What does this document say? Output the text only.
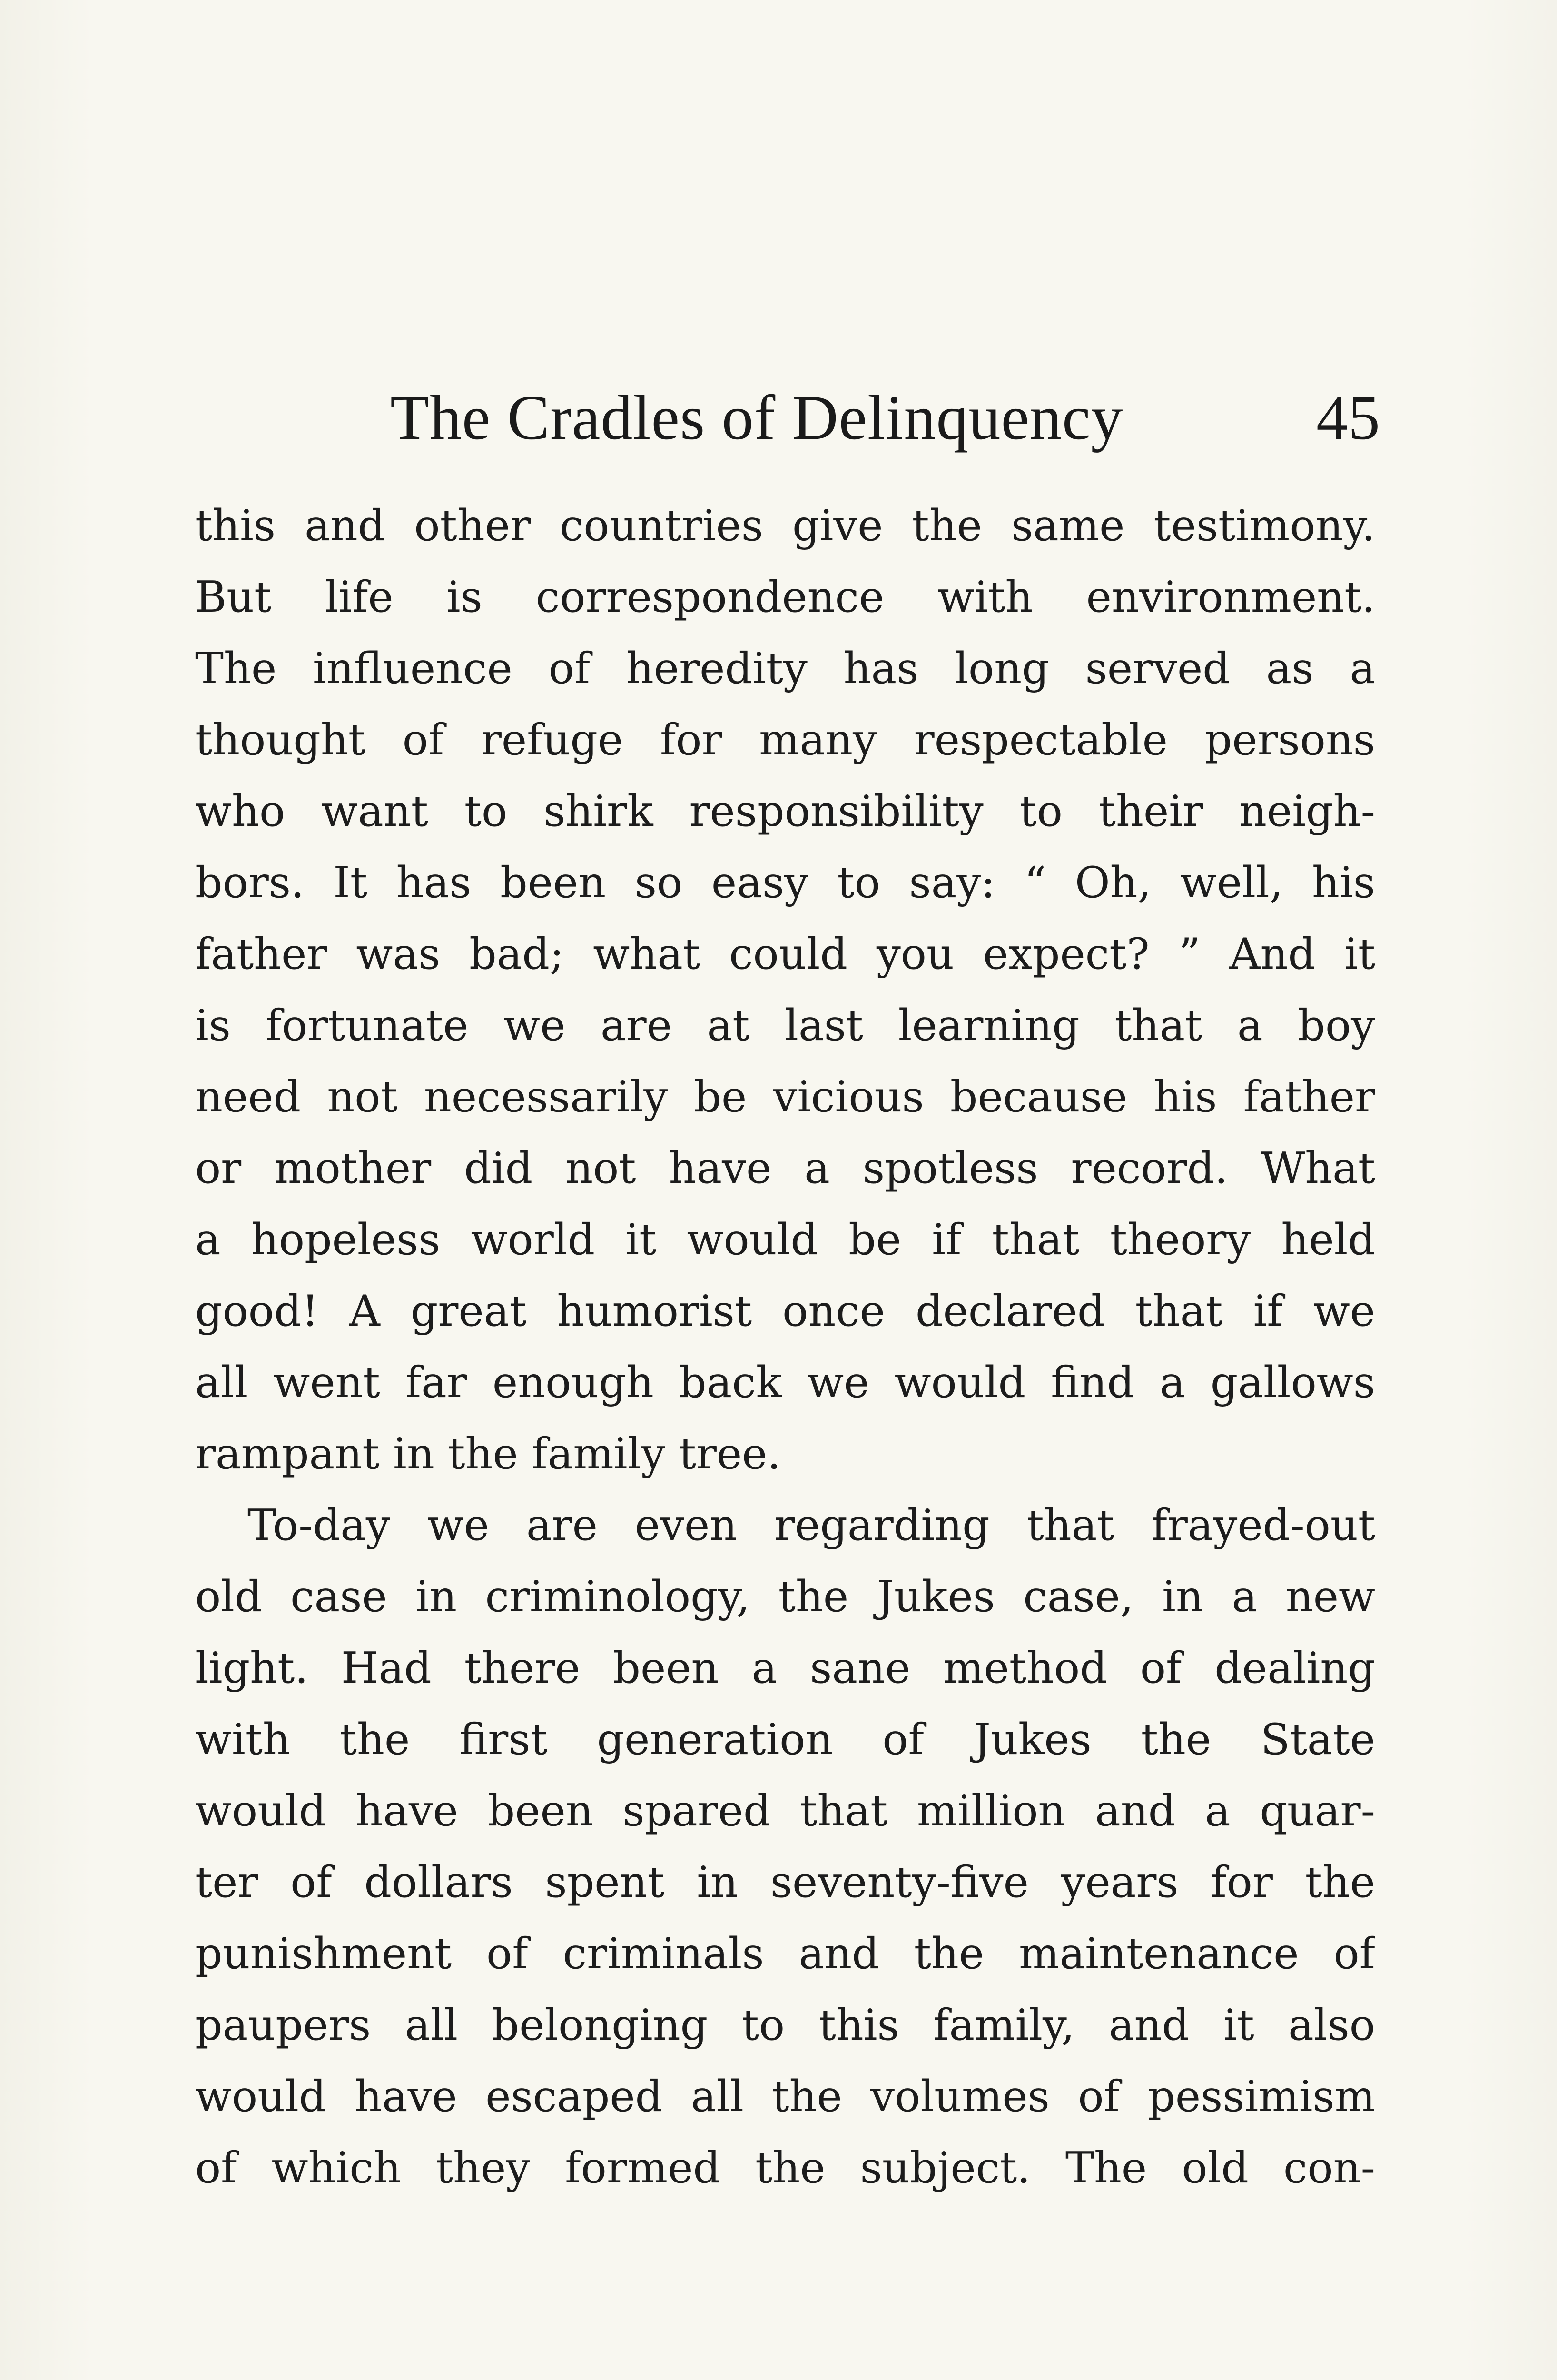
The Cradles of Delinquency	45
this and other countries give the same testimony.
But life is correspondence with environment.
The influence of heredity has long served as a
thought of refuge for many respectable persons
who want to shirk responsibility to their neigh-
bors. It has been so easy to say: “ Oh, well, his
father was bad; what could you expect? ” And it
is fortunate we are at last learning that a boy
need not necessarily be vicious because his father
or mother did not have a spotless record. What
a hopeless world it would be if that theory held
good! A great humorist once declared that if we
all went far enough back we would find a gallows
rampant in the family tree.
To-day we are even regarding that frayed-out
old case in criminology, the Jukes case, in a new
light. Had there been a sane method of dealing
with the first generation of Jukes the State
would have been spared that million and a quar-
ter of dollars spent in seventy-five years for the
punishment of criminals and the maintenance of
paupers all belonging to this family, and it also
would have escaped all the volumes of pessimism
of which they formed the subject. The old con-
